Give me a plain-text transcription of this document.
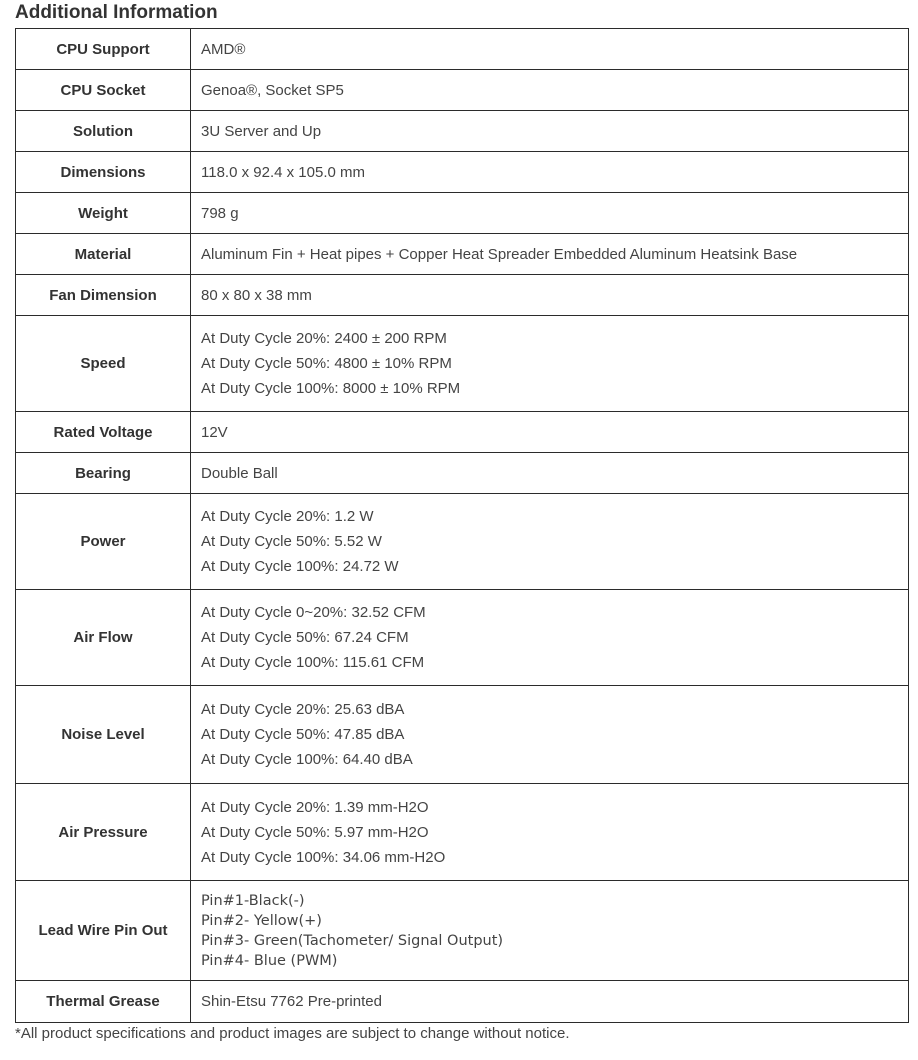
Additional Information
CPU Support	AMD®

CPU Socket	Genoa®, Socket SP5

Solution	3U Server and Up

Dimensions	118.0 x 92.4 x 105.0 mm

Weight	798 g

Material	Aluminum Fin + Heat pipes + Copper Heat Spreader Embedded Aluminum Heatsink Base

Fan Dimension	80 x 80 x 38 mm

Speed	At Duty Cycle 20%: 2400 ± 200 RPM
At Duty Cycle 50%: 4800 ± 10% RPM
At Duty Cycle 100%: 8000 ± 10% RPM

Rated Voltage	12V

Bearing	Double Ball

Power	At Duty Cycle 20%: 1.2 W
At Duty Cycle 50%: 5.52 W
At Duty Cycle 100%: 24.72 W

Air Flow	At Duty Cycle 0~20%: 32.52 CFM
At Duty Cycle 50%: 67.24 CFM
At Duty Cycle 100%: 115.61 CFM

Noise Level	At Duty Cycle 20%: 25.63 dBA
At Duty Cycle 50%: 47.85 dBA
At Duty Cycle 100%: 64.40 dBA

Air Pressure	At Duty Cycle 20%: 1.39 mm-H2O
At Duty Cycle 50%: 5.97 mm-H2O
At Duty Cycle 100%: 34.06 mm-H2O

Lead Wire Pin Out	Pin#1-Black(-)
Pin#2- Yellow(+)
Pin#3- Green(Tachometer/ Signal Output)
Pin#4- Blue (PWM)

Thermal Grease	Shin-Etsu 7762 Pre-printed
*All product specifications and product images are subject to change without notice.
